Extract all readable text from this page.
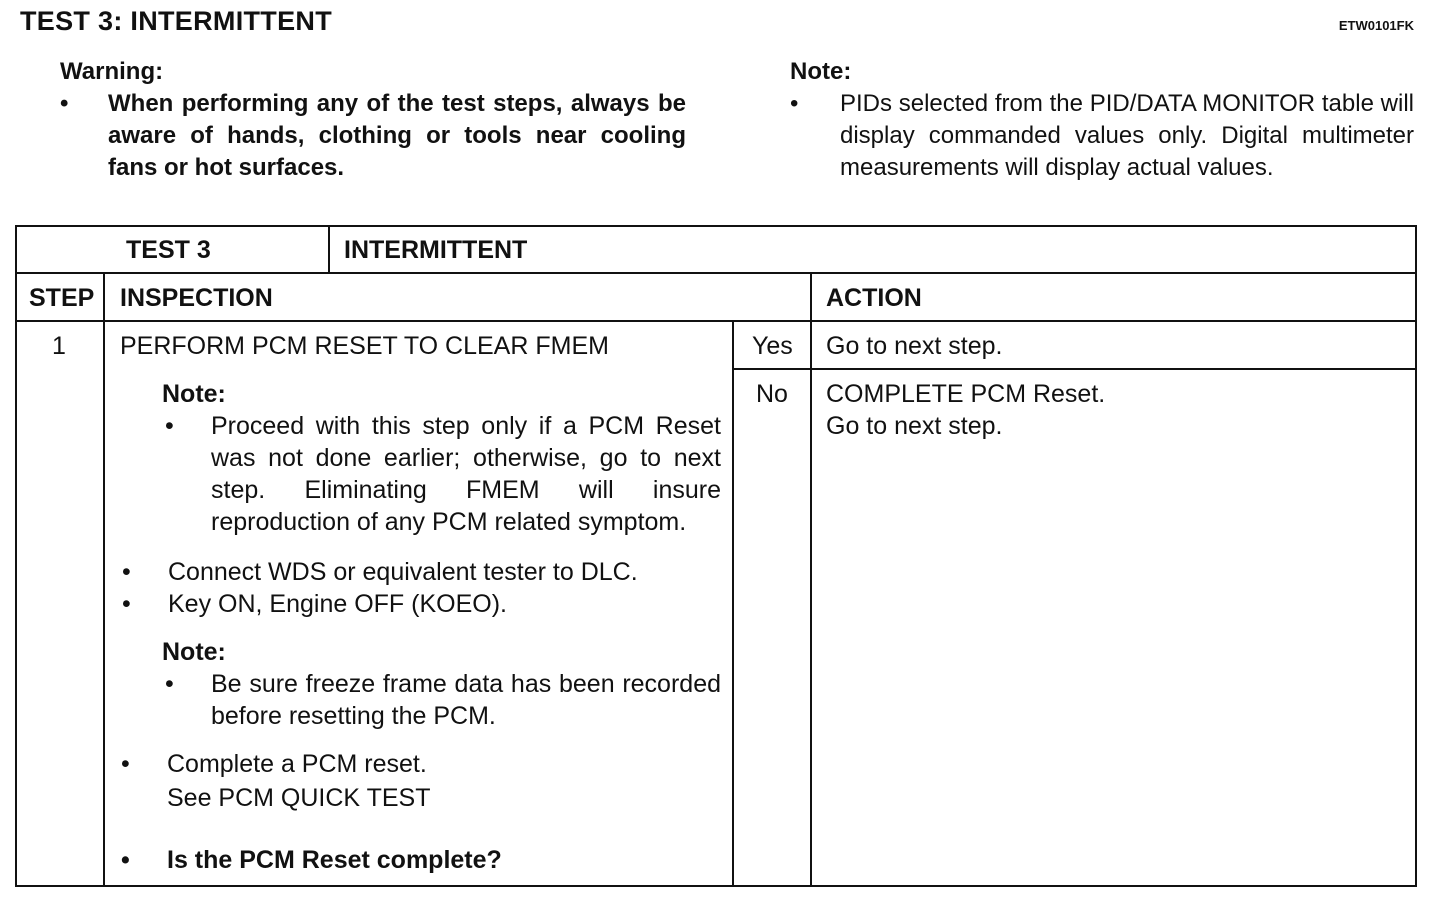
TEST 3: INTERMITTENT	ETW0101FK
Warning:
• When performing any of the test steps, always be aware of hands, clothing or tools near cooling fans or hot surfaces.
Note:
• PIDs selected from the PID/DATA MONITOR table will display commanded values only. Digital multimeter measurements will display actual values.
TEST 3	INTERMITTENT
STEP INSPECTION	ACTION
1 PERFORM PCM RESET TO CLEAR FMEM
Note:
• Proceed with this step only if a PCM Reset was not done earlier; otherwise, go to next step. Eliminating FMEM will insure reproduction of any PCM related symptom.
• Connect WDS or equivalent tester to DLC.
• Key ON, Engine OFF (KOEO).
Note:
• Be sure freeze frame data has been recorded before resetting the PCM.
• Complete a PCM reset.
See PCM QUICK TEST
• Is the PCM Reset complete?
Yes Go to next step.
No COMPLETE PCM Reset.
Go to next step.
